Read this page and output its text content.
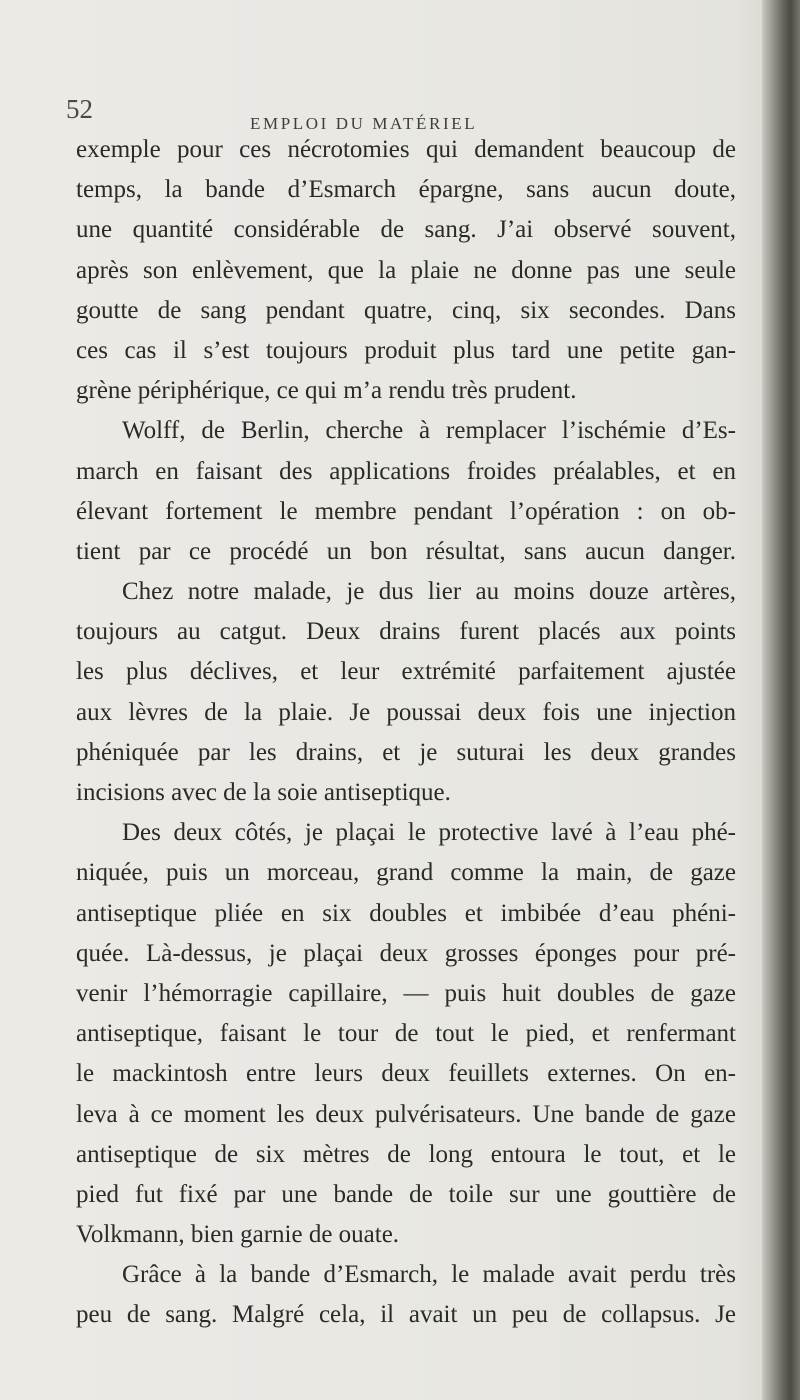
52	EMPLOI DU MATÉRIEL
exemple pour ces nécrotomies qui demandent beaucoup de
temps, la bande d’Esmarch épargne, sans aucun doute,
une quantité considérable de sang. J’ai observé souvent,
après son enlèvement, que la plaie ne donne pas une seule
goutte de sang pendant quatre, cinq, six secondes. Dans
ces cas il s’est toujours produit plus tard une petite gan-
grène périphérique, ce qui m’a rendu très prudent.
Wolff, de Berlin, cherche à remplacer l’ischémie d’Es-
march en faisant des applications froides préalables, et en
élevant fortement le membre pendant l’opération : on ob-
tient par ce procédé un bon résultat, sans aucun danger.
Chez notre malade, je dus lier au moins douze artères,
toujours au catgut. Deux drains furent placés aux points
les plus déclives, et leur extrémité parfaitement ajustée
aux lèvres de la plaie. Je poussai deux fois une injection
phéniquée par les drains, et je suturai les deux grandes
incisions avec de la soie antiseptique.
Des deux côtés, je plaçai le protective lavé à l’eau phé-
niquée, puis un morceau, grand comme la main, de gaze
antiseptique pliée en six doubles et imbibée d’eau phéni-
quée. Là-dessus, je plaçai deux grosses éponges pour pré-
venir l’hémorragie capillaire, — puis huit doubles de gaze
antiseptique, faisant le tour de tout le pied, et renfermant
le mackintosh entre leurs deux feuillets externes. On en-
leva à ce moment les deux pulvérisateurs. Une bande de gaze
antiseptique de six mètres de long entoura le tout, et le
pied fut fixé par une bande de toile sur une gouttière de
Volkmann, bien garnie de ouate.
Grâce à la bande d’Esmarch, le malade avait perdu très
peu de sang. Malgré cela, il avait un peu de collapsus. Je
